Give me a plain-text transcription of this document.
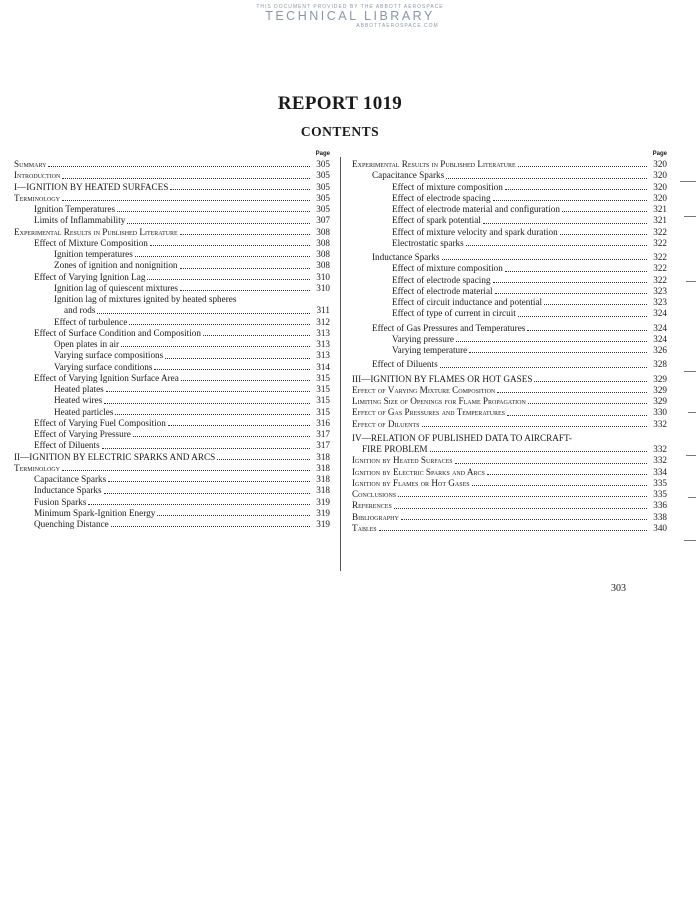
THIS DOCUMENT PROVIDED BY THE ABBOTT AEROSPACE
TECHNICAL LIBRARY
ABBOTTAEROSPACE.COM
REPORT 1019
CONTENTS
Page
Summary	305
Introduction	305
I—IGNITION BY HEATED SURFACES	305
Terminology	305
Ignition Temperatures	305
Limits of Inflammability	307
Experimental Results in Published Literature	308
Effect of Mixture Composition	308
Ignition temperatures	308
Zones of ignition and nonignition	308
Effect of Varying Ignition Lag	310
Ignition lag of quiescent mixtures	310
Ignition lag of mixtures ignited by heated spheres
and rods	311
Effect of turbulence	312
Effect of Surface Condition and Composition	313
Open plates in air	313
Varying surface compositions	313
Varying surface conditions	314
Effect of Varying Ignition Surface Area	315
Heated plates	315
Heated wires	315
Heated particles	315
Effect of Varying Fuel Composition	316
Effect of Varying Pressure	317
Effect of Diluents	317
II—IGNITION BY ELECTRIC SPARKS AND ARCS	318
Terminology	318
Capacitance Sparks	318
Inductance Sparks	318
Fusion Sparks	319
Minimum Spark-Ignition Energy	319
Quenching Distance	319
Page
Experimental Results in Published Literature	320
Capacitance Sparks	320
Effect of mixture composition	320
Effect of electrode spacing	320
Effect of electrode material and configuration	321
Effect of spark potential	321
Effect of mixture velocity and spark duration	322
Electrostatic sparks	322
Inductance Sparks	322
Effect of mixture composition	322
Effect of electrode spacing	322
Effect of electrode material	323
Effect of circuit inductance and potential	323
Effect of type of current in circuit	324
Effect of Gas Pressures and Temperatures	324
Varying pressure	324
Varying temperature	326
Effect of Diluents	328
III—IGNITION BY FLAMES OR HOT GASES	329
Effect of Varying Mixture Composition	329
Limiting Size of Openings for Flame Propagation	329
Effect of Gas Pressures and Temperatures	330
Effect of Diluents	332
IV—RELATION OF PUBLISHED DATA TO AIRCRAFT-
FIRE PROBLEM	332
Ignition by Heated Surfaces	332
Ignition by Electric Sparks and Arcs	334
Ignition by Flames or Hot Gases	335
Conclusions	335
References	336
Bibliography	338
Tables	340
303
